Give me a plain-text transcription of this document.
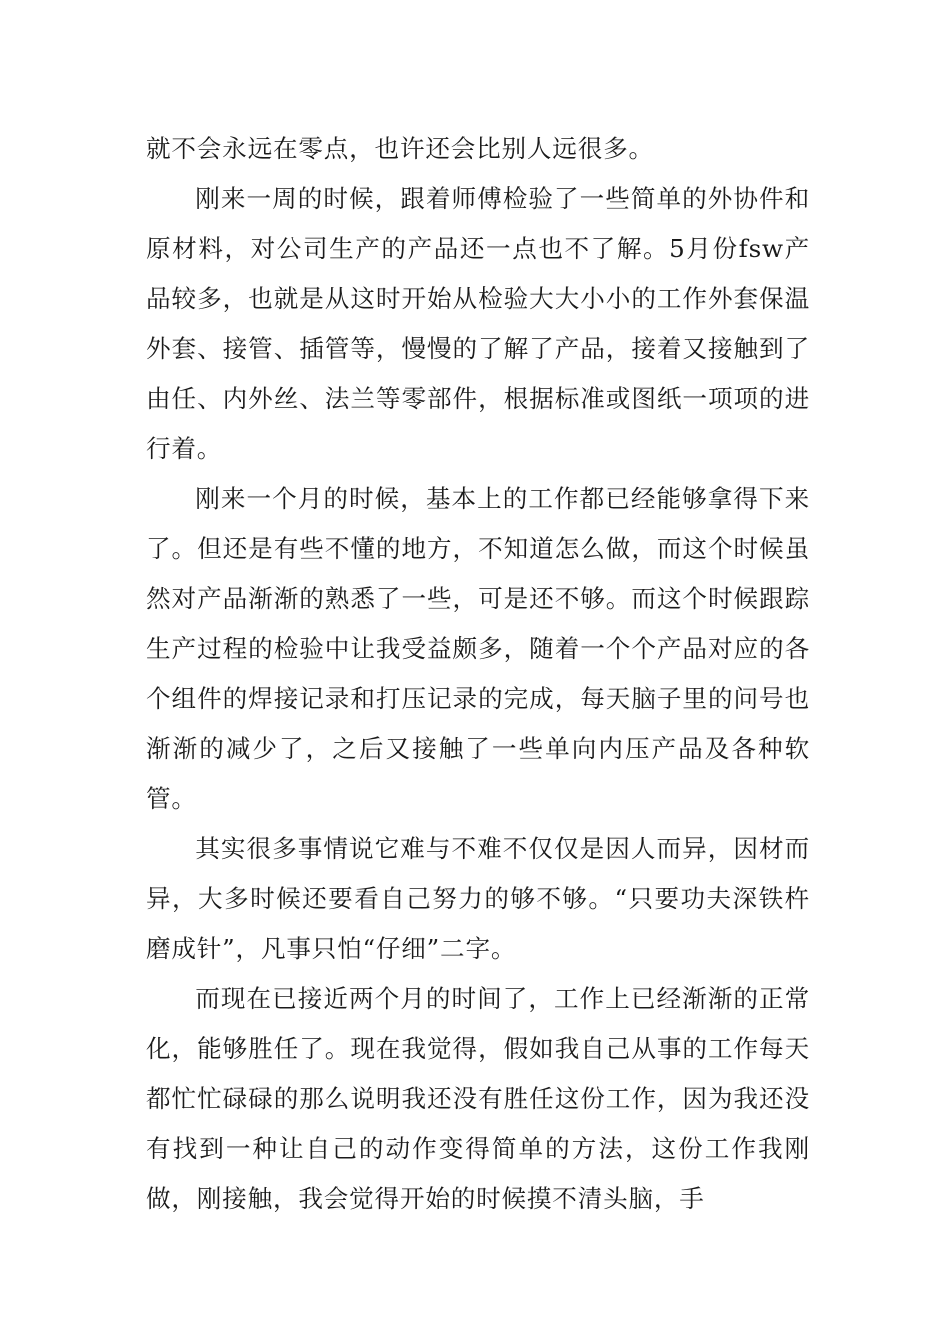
就不会永远在零点，也许还会比别人远很多。

刚来一周的时候，跟着师傅检验了一些简单的外协件和原材料，对公司生产的产品还一点也不了解。5月份fsw产品较多，也就是从这时开始从检验大大小小的工作外套保温外套、接管、插管等，慢慢的了解了产品，接着又接触到了由任、内外丝、法兰等零部件，根据标准或图纸一项项的进行着。

刚来一个月的时候，基本上的工作都已经能够拿得下来了。但还是有些不懂的地方，不知道怎么做，而这个时候虽然对产品渐渐的熟悉了一些，可是还不够。而这个时候跟踪生产过程的检验中让我受益颇多，随着一个个产品对应的各个组件的焊接记录和打压记录的完成，每天脑子里的问号也渐渐的减少了，之后又接触了一些单向内压产品及各种软管。

其实很多事情说它难与不难不仅仅是因人而异，因材而异，大多时候还要看自己努力的够不够。“只要功夫深铁杵磨成针”，凡事只怕“仔细”二字。

而现在已接近两个月的时间了，工作上已经渐渐的正常化，能够胜任了。现在我觉得，假如我自己从事的工作每天都忙忙碌碌的那么说明我还没有胜任这份工作，因为我还没有找到一种让自己的动作变得简单的方法，这份工作我刚做，刚接触，我会觉得开始的时候摸不清头脑，手
